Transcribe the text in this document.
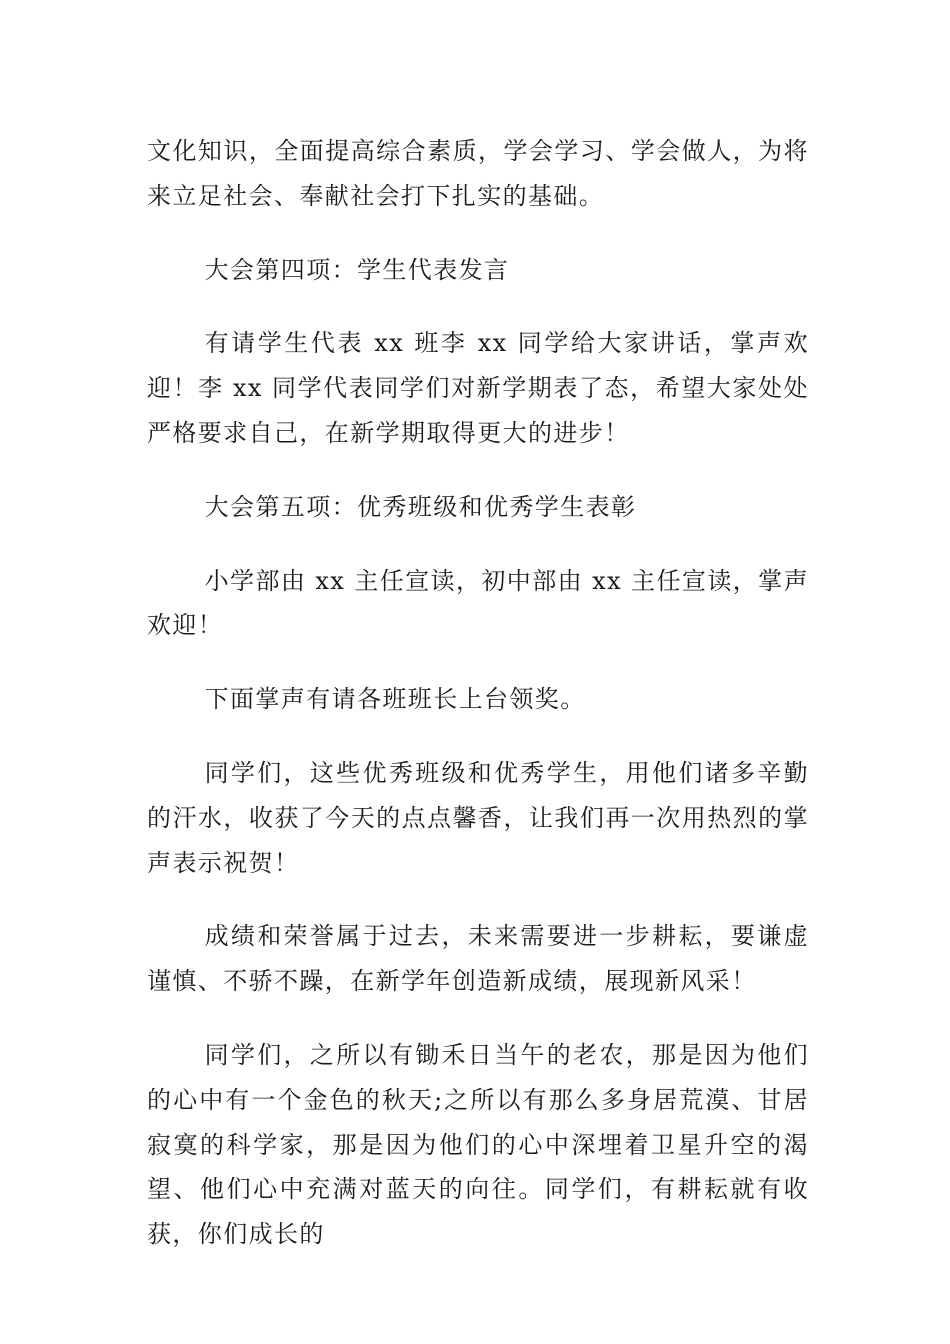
文化知识，全面提高综合素质，学会学习、学会做人，为将来立足社会、奉献社会打下扎实的基础。

大会第四项：学生代表发言

有请学生代表 xx 班李 xx 同学给大家讲话，掌声欢迎！李 xx 同学代表同学们对新学期表了态，希望大家处处严格要求自己，在新学期取得更大的进步！

大会第五项：优秀班级和优秀学生表彰

小学部由 xx 主任宣读，初中部由 xx 主任宣读，掌声欢迎！

下面掌声有请各班班长上台领奖。

同学们，这些优秀班级和优秀学生，用他们诸多辛勤的汗水，收获了今天的点点馨香，让我们再一次用热烈的掌声表示祝贺！

成绩和荣誉属于过去，未来需要进一步耕耘，要谦虚谨慎、不骄不躁，在新学年创造新成绩，展现新风采！

同学们，之所以有锄禾日当午的老农，那是因为他们的心中有一个金色的秋天;之所以有那么多身居荒漠、甘居寂寞的科学家，那是因为他们的心中深埋着卫星升空的渴望、他们心中充满对蓝天的向往。同学们，有耕耘就有收获，你们成长的
